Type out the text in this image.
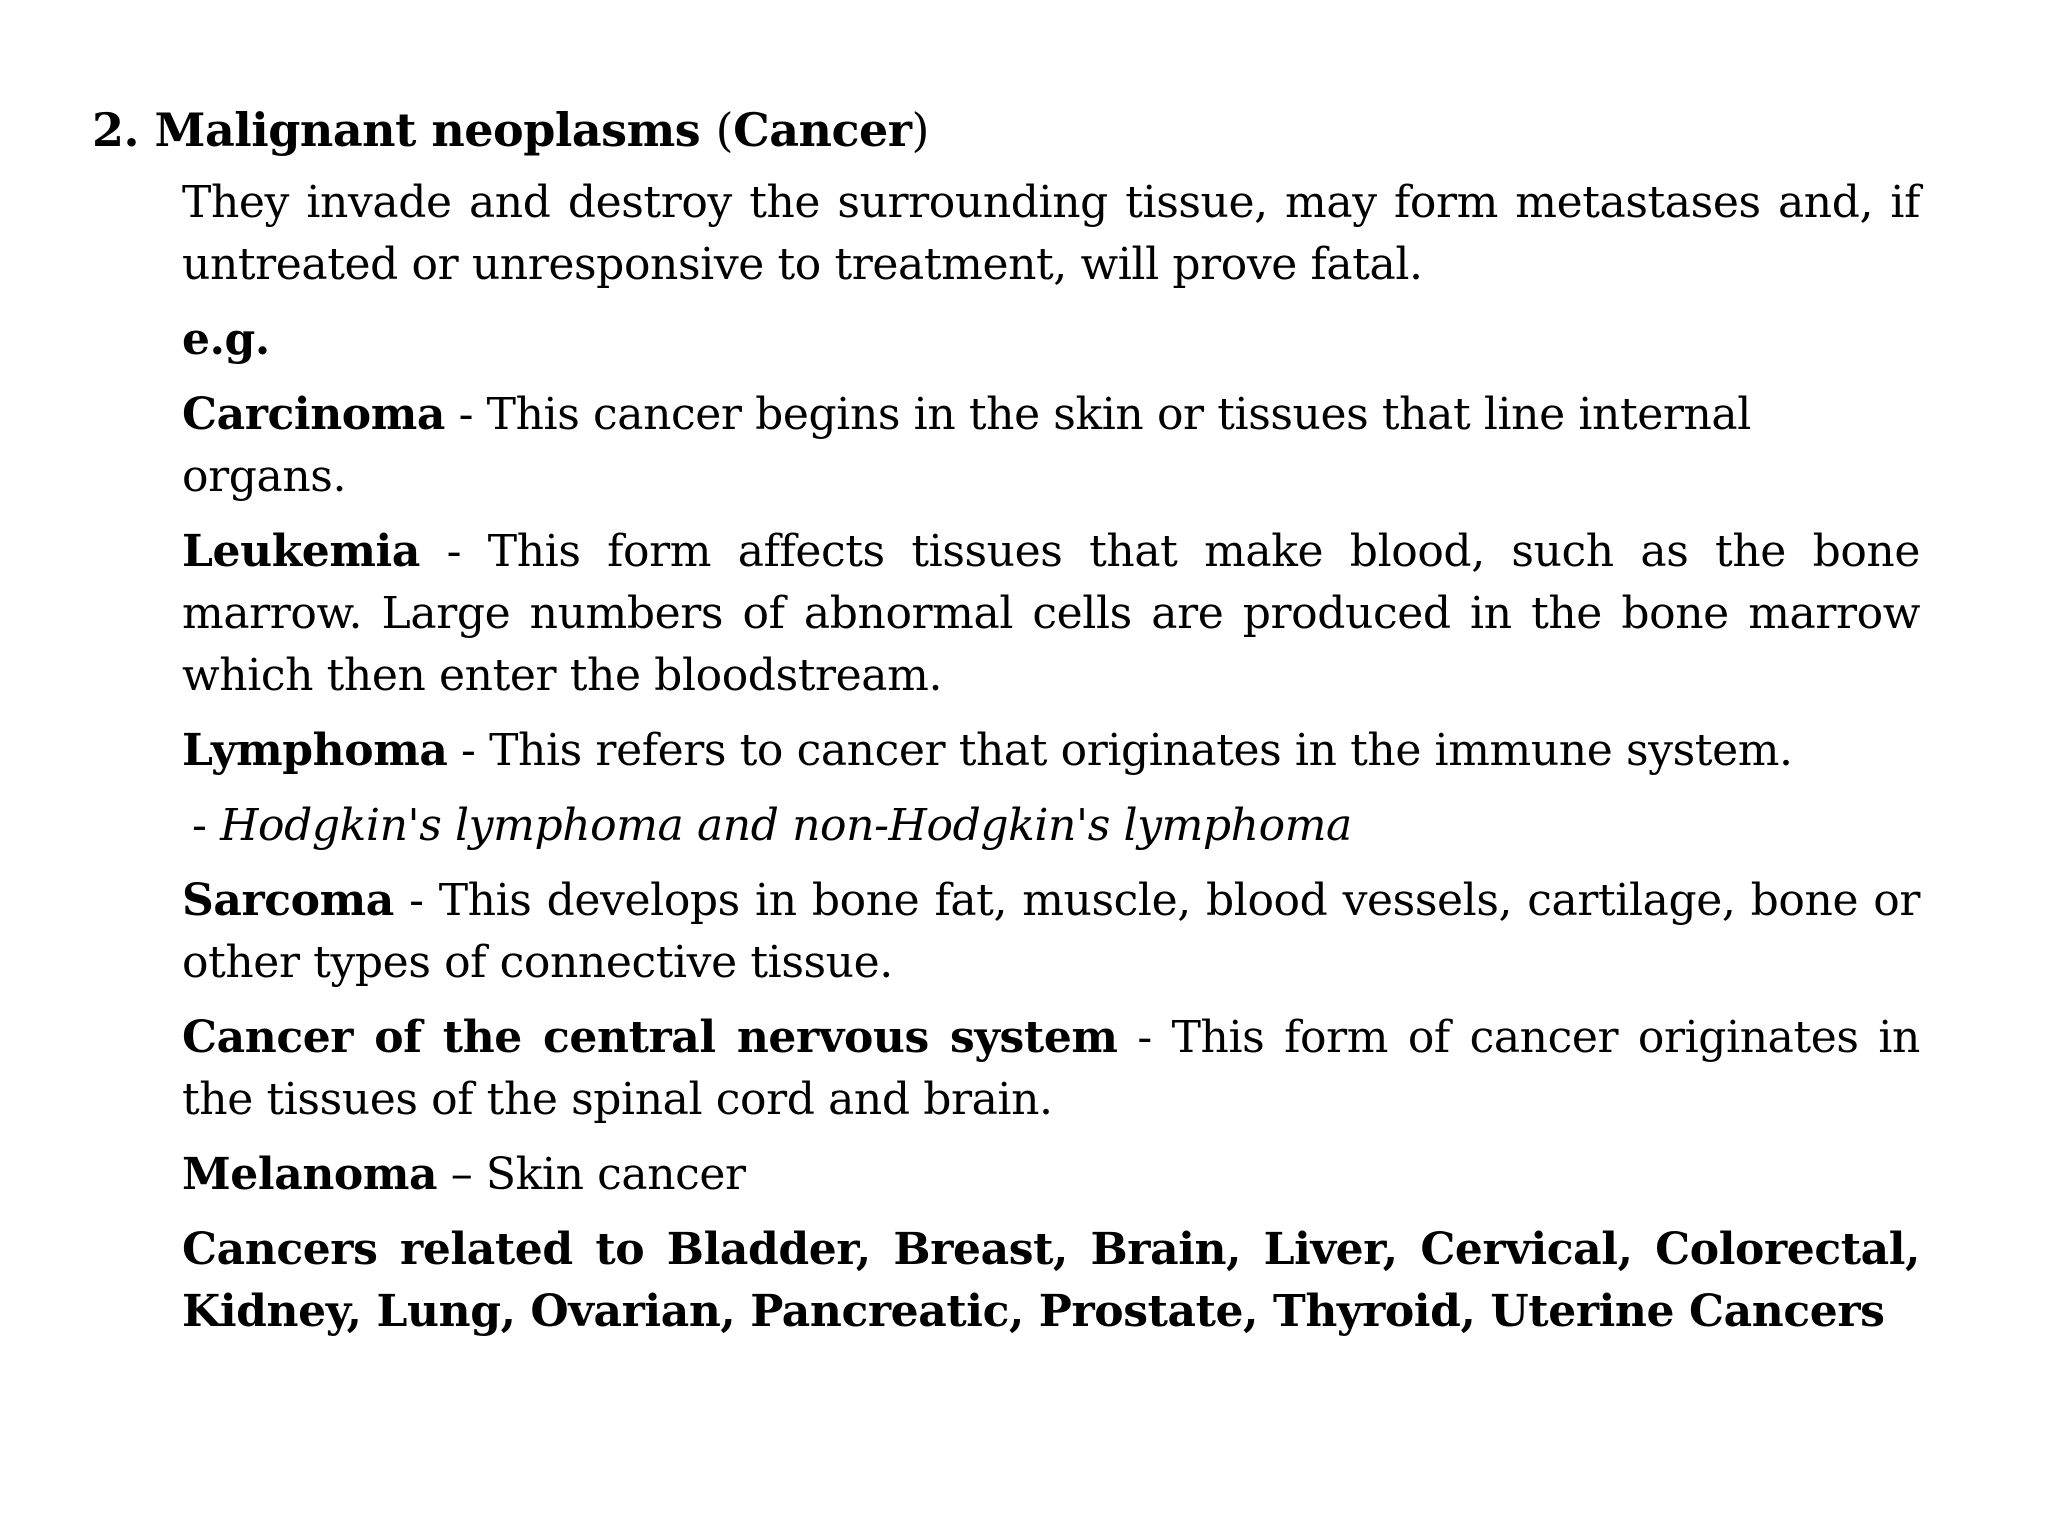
2. Malignant neoplasms (Cancer)

They invade and destroy the surrounding tissue, may form metastases and, if untreated or unresponsive to treatment, will prove fatal.

e.g.

Carcinoma - This cancer begins in the skin or tissues that line internal organs.

Leukemia - This form affects tissues that make blood, such as the bone marrow. Large numbers of abnormal cells are produced in the bone marrow which then enter the bloodstream.

Lymphoma - This refers to cancer that originates in the immune system.

- Hodgkin's lymphoma and non-Hodgkin's lymphoma

Sarcoma - This develops in bone fat, muscle, blood vessels, cartilage, bone or other types of connective tissue.

Cancer of the central nervous system - This form of cancer originates in the tissues of the spinal cord and brain.

Melanoma – Skin cancer

Cancers related to Bladder, Breast, Brain, Liver, Cervical, Colorectal, Kidney, Lung, Ovarian, Pancreatic, Prostate, Thyroid, Uterine Cancers
